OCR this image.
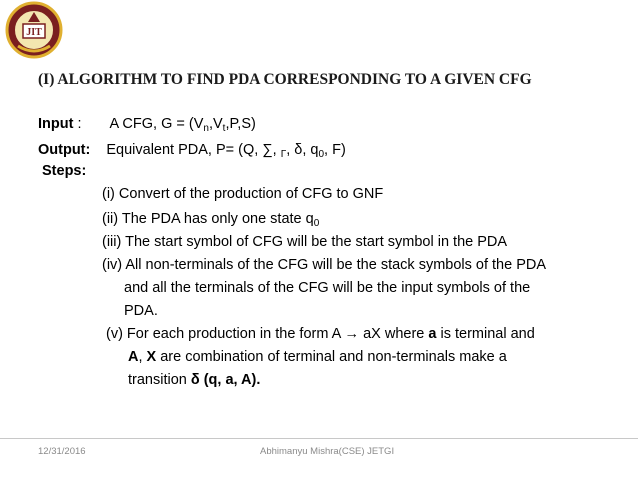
JIT
(I) ALGORITHM TO FIND PDA CORRESPONDING TO A GIVEN CFG
Input : A CFG, $G = (V_n,V_t,P,S)$
Output: Equivalent PDA, P= (Q, ∑, $_\Gamma$, δ, $q_0$, F)
Steps:
(i) Convert of the production of CFG to GNF
(ii) The PDA has only one state $q_0$
(iii) The start symbol of CFG will be the start symbol in the PDA
(iv) All non-terminals of the CFG will be the stack symbols of the PDA
and all the terminals of the CFG will be the input symbols of the
PDA.
(v) For each production in the form A → aX where a is terminal and
A, X are combination of terminal and non-terminals make a
transition δ (q, a, A).
12/31/2016	Abhimanyu Mishra(CSE) JETGI
